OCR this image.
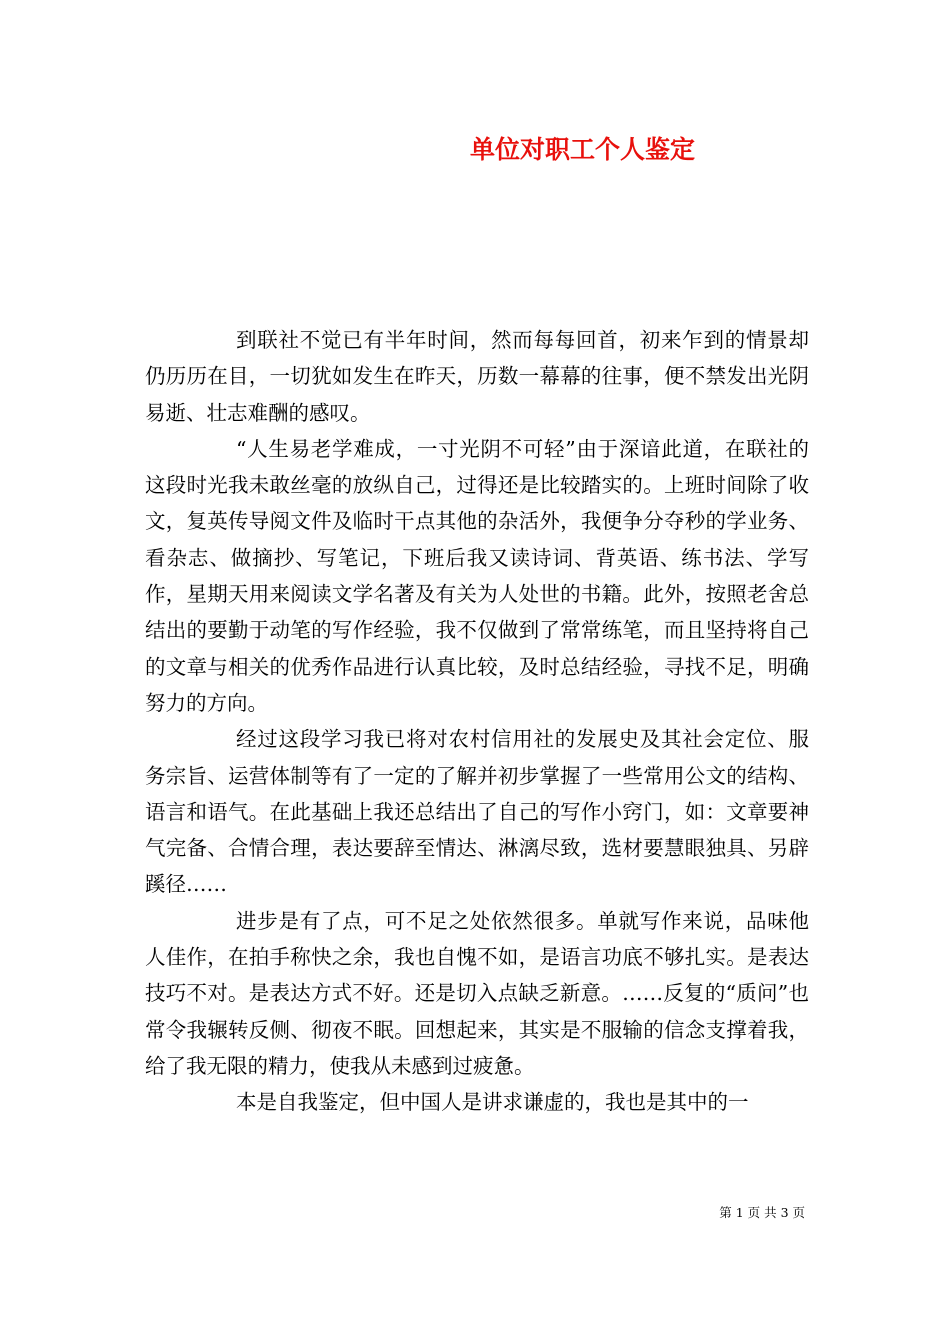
单位对职工个人鉴定

到联社不觉已有半年时间，然而每每回首，初来乍到的情景却仍历历在目，一切犹如发生在昨天，历数一幕幕的往事，便不禁发出光阴易逝、壮志难酬的感叹。

“人生易老学难成，一寸光阴不可轻”由于深谙此道，在联社的这段时光我未敢丝毫的放纵自己，过得还是比较踏实的。上班时间除了收文，复英传导阅文件及临时干点其他的杂活外，我便争分夺秒的学业务、看杂志、做摘抄、写笔记，下班后我又读诗词、背英语、练书法、学写作，星期天用来阅读文学名著及有关为人处世的书籍。此外，按照老舍总结出的要勤于动笔的写作经验，我不仅做到了常常练笔，而且坚持将自己的文章与相关的优秀作品进行认真比较，及时总结经验，寻找不足，明确努力的方向。

经过这段学习我已将对农村信用社的发展史及其社会定位、服务宗旨、运营体制等有了一定的了解并初步掌握了一些常用公文的结构、语言和语气。在此基础上我还总结出了自己的写作小窍门，如：文章要神气完备、合情合理，表达要辞至情达、淋漓尽致，选材要慧眼独具、另辟蹊径……

进步是有了点，可不足之处依然很多。单就写作来说，品味他人佳作，在拍手称快之余，我也自愧不如，是语言功底不够扎实。是表达技巧不对。是表达方式不好。还是切入点缺乏新意。……反复的“质问”也常令我辗转反侧、彻夜不眠。回想起来，其实是不服输的信念支撑着我，给了我无限的精力，使我从未感到过疲惫。

本是自我鉴定，但中国人是讲求谦虚的，我也是其中的一

第 1 页 共 3 页
